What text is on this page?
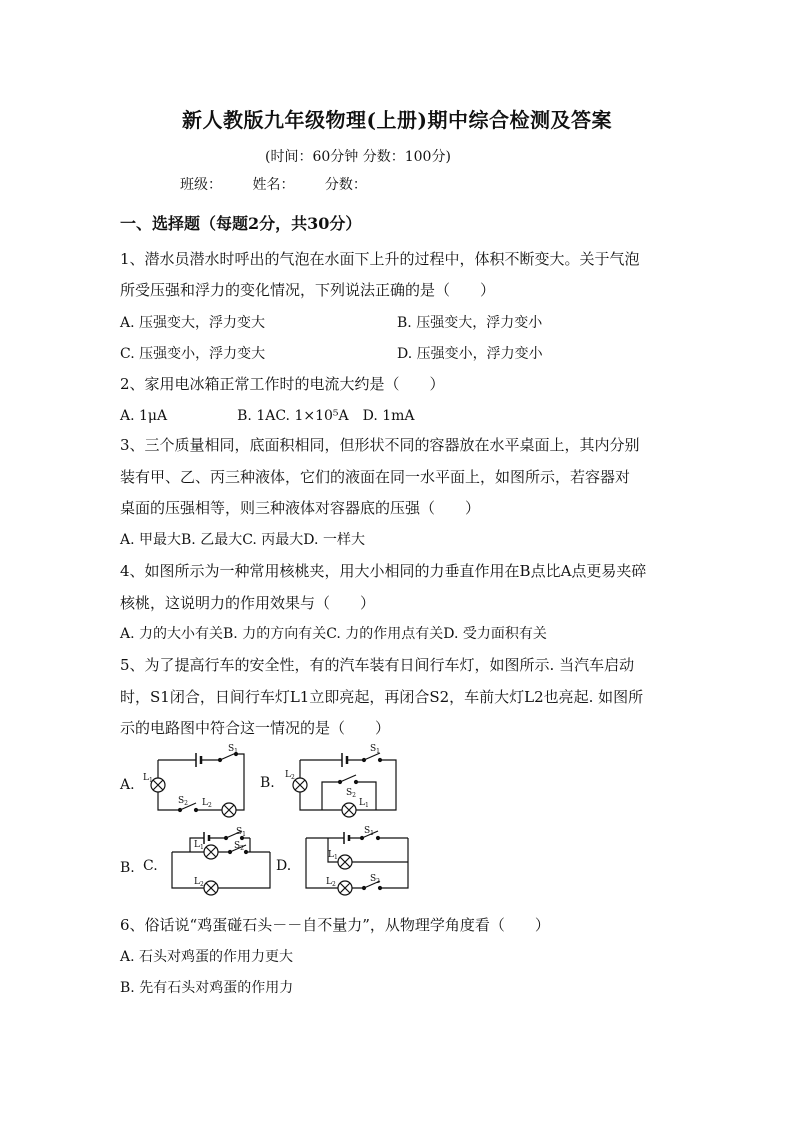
新人教版九年级物理(上册)期中综合检测及答案
(时间：60分钟 分数：100分)
班级： 姓名： 分数：
一、选择题（每题2分，共30分）
1、潜水员潜水时呼出的气泡在水面下上升的过程中，体积不断变大。关于气泡
所受压强和浮力的变化情况，下列说法正确的是（　　）
A. 压强变大，浮力变大	B. 压强变大，浮力变小
C. 压强变小，浮力变大	D. 压强变小，浮力变小
2、家用电冰箱正常工作时的电流大约是（　　）
A. 1μA　　　　　B. 1AC. 1×10⁵A　D. 1mA
3、三个质量相同，底面积相同，但形状不同的容器放在水平桌面上，其内分别
装有甲、乙、丙三种液体，它们的液面在同一水平面上，如图所示，若容器对
桌面的压强相等，则三种液体对容器底的压强（　　）
A. 甲最大B. 乙最大C. 丙最大D. 一样大
4、如图所示为一种常用核桃夹，用大小相同的力垂直作用在B点比A点更易夹碎
核桃，这说明力的作用效果与（　　）
A. 力的大小有关B. 力的方向有关C. 力的作用点有关D. 受力面积有关
5、为了提高行车的安全性，有的汽车装有日间行车灯，如图所示. 当汽车启动
时，S1闭合，日间行车灯L1立即亮起，再闭合S2，车前大灯L2也亮起. 如图所
示的电路图中符合这一情况的是（　　）
A.	B.
B. C.	D.
$S_1$
$L_1$
$S_2$ $L_2$
$S_1$
$L_2$
$S_2$
$L_1$
$S_1$
$L_1$	$S_2$
$L_2$
$S_1$
$L_1$
$S_2$
$L_2$
6、俗话说“鸡蛋碰石头－－自不量力”，从物理学角度看（　　）
A. 石头对鸡蛋的作用力更大
B. 先有石头对鸡蛋的作用力
